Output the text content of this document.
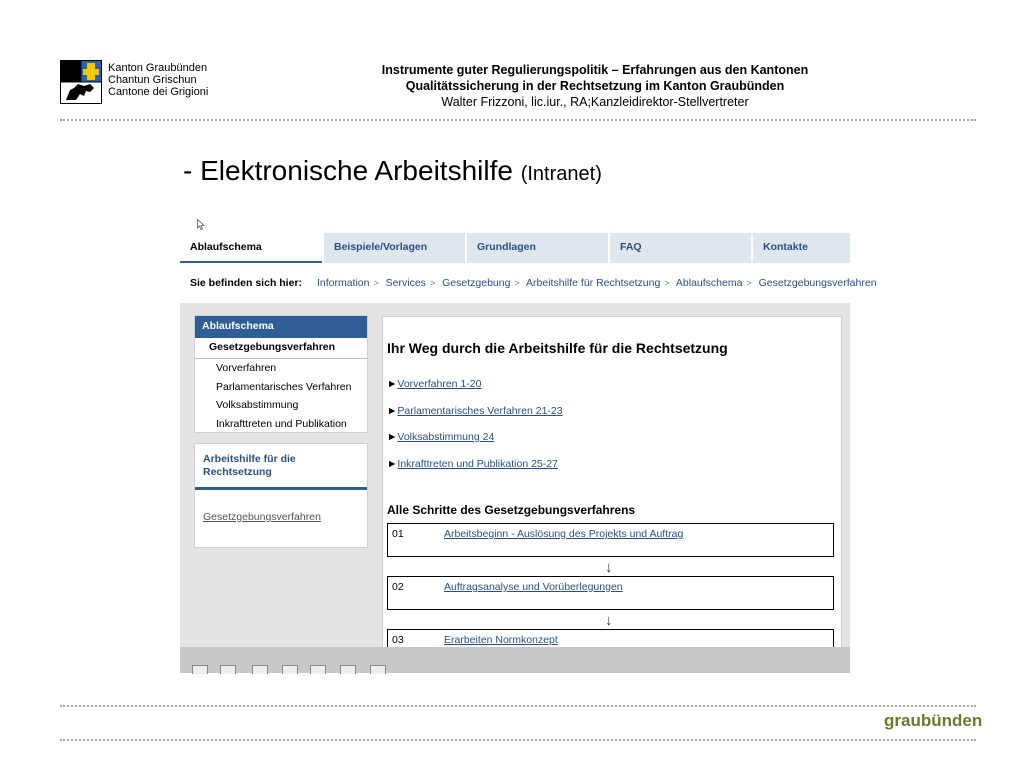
Kanton Graubünden
Chantun Grischun
Cantone dei Grigioni
Instrumente guter Regulierungspolitik – Erfahrungen aus den Kantonen
Qualitätssicherung in der Rechtsetzung im Kanton Graubünden
Walter Frizzoni, lic.iur., RA;Kanzleidirektor-Stellvertreter
- Elektronische Arbeitshilfe (Intranet)
Ablaufschema	Beispiele/Vorlagen	Grundlagen	FAQ	Kontakte
Sie befinden sich hier: Information > Services > Gesetzgebung > Arbeitshilfe für Rechtsetzung > Ablaufschema > Gesetzgebungsverfahren
Ablaufschema
Gesetzgebungsverfahren
Vorverfahren
Parlamentarisches Verfahren
Volksabstimmung
Inkrafttreten und Publikation
Arbeitshilfe für die Rechtsetzung
Gesetzgebungsverfahren
Ihr Weg durch die Arbeitshilfe für die Rechtsetzung
►Vorverfahren 1-20
►Parlamentarisches Verfahren 21-23
►Volksabstimmung 24
►Inkrafttreten und Publikation 25-27
Alle Schritte des Gesetzgebungsverfahrens
01	Arbeitsbeginn - Auslösung des Projekts und Auftrag
↓
02	Auftragsanalyse und Vorüberlegungen
↓
03	Erarbeiten Normkonzept
graubünden
